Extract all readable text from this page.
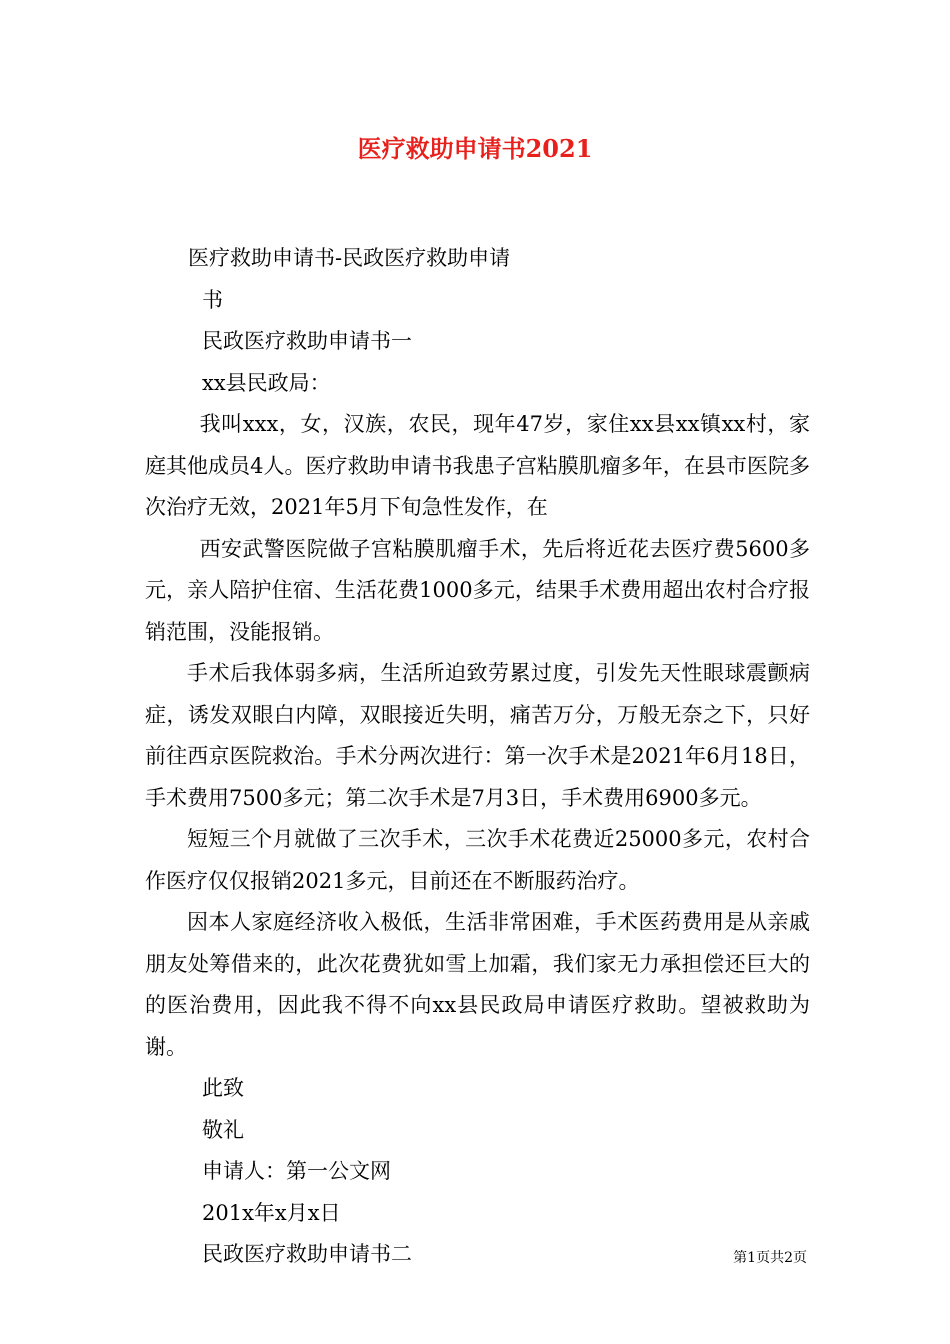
医疗救助申请书2021

医疗救助申请书-民政医疗救助申请

书

民政医疗救助申请书一

xx县民政局：

我叫xxx，女，汉族，农民，现年47岁，家住xx县xx镇xx村，家庭其他成员4人。医疗救助申请书我患子宫粘膜肌瘤多年，在县市医院多次治疗无效，2021年5月下旬急性发作，在

西安武警医院做子宫粘膜肌瘤手术，先后将近花去医疗费5600多元，亲人陪护住宿、生活花费1000多元，结果手术费用超出农村合疗报销范围，没能报销。

手术后我体弱多病，生活所迫致劳累过度，引发先天性眼球震颤病症，诱发双眼白内障，双眼接近失明，痛苦万分，万般无奈之下，只好前往西京医院救治。手术分两次进行：第一次手术是2021年6月18日，手术费用7500多元；第二次手术是7月3日，手术费用6900多元。

短短三个月就做了三次手术，三次手术花费近25000多元，农村合作医疗仅仅报销2021多元，目前还在不断服药治疗。

因本人家庭经济收入极低，生活非常困难，手术医药费用是从亲戚朋友处筹借来的，此次花费犹如雪上加霜，我们家无力承担偿还巨大的的医治费用，因此我不得不向xx县民政局申请医疗救助。望被救助为谢。

此致

敬礼

申请人：第一公文网

201x年x月x日

民政医疗救助申请书二	第1页共2页
